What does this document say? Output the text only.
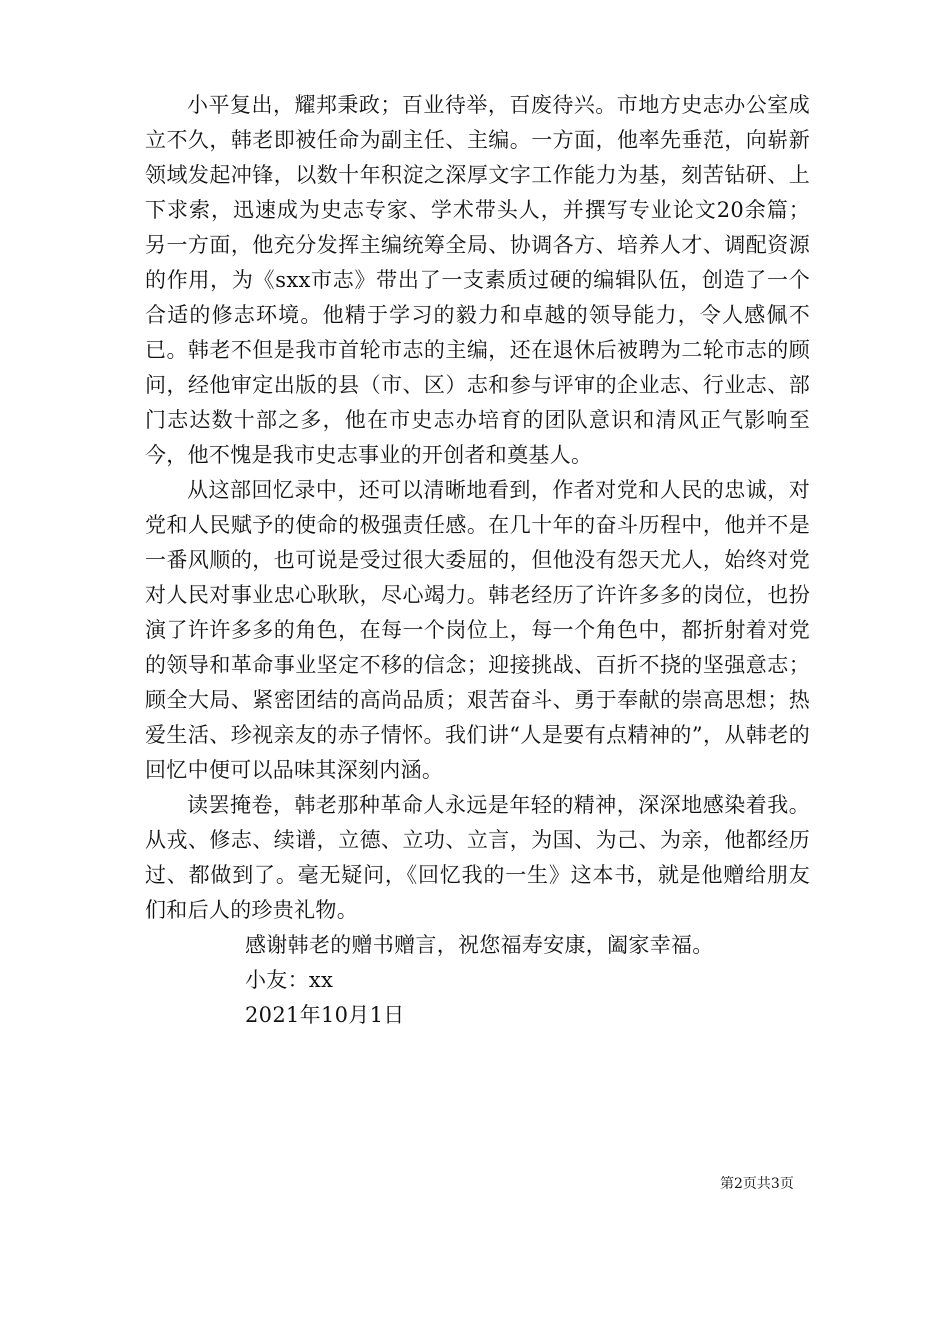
小平复出，耀邦秉政；百业待举，百废待兴。市地方史志办公室成立不久，韩老即被任命为副主任、主编。一方面，他率先垂范，向崭新领域发起冲锋，以数十年积淀之深厚文字工作能力为基，刻苦钻研、上下求索，迅速成为史志专家、学术带头人，并撰写专业论文20余篇；另一方面，他充分发挥主编统筹全局、协调各方、培养人才、调配资源的作用，为《sxx市志》带出了一支素质过硬的编辑队伍，创造了一个合适的修志环境。他精于学习的毅力和卓越的领导能力，令人感佩不已。韩老不但是我市首轮市志的主编，还在退休后被聘为二轮市志的顾问，经他审定出版的县（市、区）志和参与评审的企业志、行业志、部门志达数十部之多，他在市史志办培育的团队意识和清风正气影响至今，他不愧是我市史志事业的开创者和奠基人。

从这部回忆录中，还可以清晰地看到，作者对党和人民的忠诚，对党和人民赋予的使命的极强责任感。在几十年的奋斗历程中，他并不是一番风顺的，也可说是受过很大委屈的，但他没有怨天尤人，始终对党对人民对事业忠心耿耿，尽心竭力。韩老经历了许许多多的岗位，也扮演了许许多多的角色，在每一个岗位上，每一个角色中，都折射着对党的领导和革命事业坚定不移的信念；迎接挑战、百折不挠的坚强意志；顾全大局、紧密团结的高尚品质；艰苦奋斗、勇于奉献的崇高思想；热爱生活、珍视亲友的赤子情怀。我们讲“人是要有点精神的”，从韩老的回忆中便可以品味其深刻内涵。

读罢掩卷，韩老那种革命人永远是年轻的精神，深深地感染着我。从戎、修志、续谱，立德、立功、立言，为国、为己、为亲，他都经历过、都做到了。毫无疑问，《回忆我的一生》这本书，就是他赠给朋友们和后人的珍贵礼物。

感谢韩老的赠书赠言，祝您福寿安康，阖家幸福。

小友：xx

2021年10月1日

第2页共3页
